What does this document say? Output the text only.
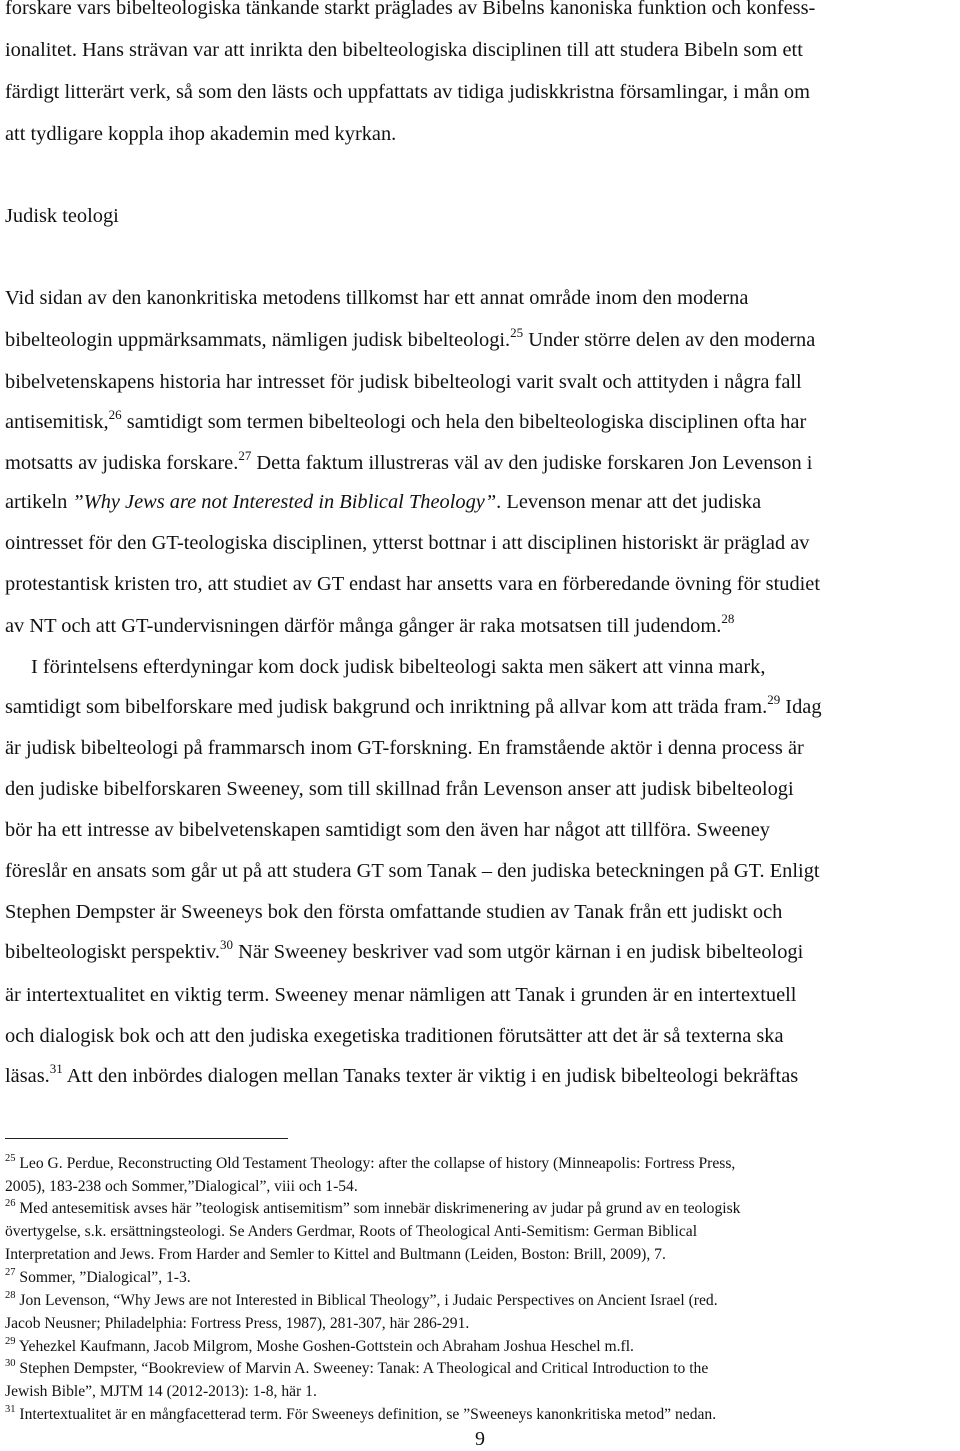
forskare vars bibelteologiska tänkande starkt präglades av Bibelns kanoniska funktion och konfess-
ionalitet. Hans strävan var att inrikta den bibelteologiska disciplinen till att studera Bibeln som ett
färdigt litterärt verk, så som den lästs och uppfattats av tidiga judiskkristna församlingar, i mån om
att tydligare koppla ihop akademin med kyrkan.
Judisk teologi
Vid sidan av den kanonkritiska metodens tillkomst har ett annat område inom den moderna
bibelteologin uppmärksammats, nämligen judisk bibelteologi.$^{25}$ Under större delen av den moderna
bibelvetenskapens historia har intresset för judisk bibelteologi varit svalt och attityden i några fall
antisemitisk,$^{26}$ samtidigt som termen bibelteologi och hela den bibelteologiska disciplinen ofta har
motsatts av judiska forskare.$^{27}$ Detta faktum illustreras väl av den judiske forskaren Jon Levenson i
artikeln ”Why Jews are not Interested in Biblical Theology”. Levenson menar att det judiska
ointresset för den GT-teologiska disciplinen, ytterst bottnar i att disciplinen historiskt är präglad av
protestantisk kristen tro, att studiet av GT endast har ansetts vara en förberedande övning för studiet
av NT och att GT-undervisningen därför många gånger är raka motsatsen till judendom.$^{28}$
I förintelsens efterdyningar kom dock judisk bibelteologi sakta men säkert att vinna mark,
samtidigt som bibelforskare med judisk bakgrund och inriktning på allvar kom att träda fram.$^{29}$ Idag
är judisk bibelteologi på frammarsch inom GT-forskning. En framstående aktör i denna process är
den judiske bibelforskaren Sweeney, som till skillnad från Levenson anser att judisk bibelteologi
bör ha ett intresse av bibelvetenskapen samtidigt som den även har något att tillföra. Sweeney
föreslår en ansats som går ut på att studera GT som Tanak – den judiska beteckningen på GT. Enligt
Stephen Dempster är Sweeneys bok den första omfattande studien av Tanak från ett judiskt och
bibelteologiskt perspektiv.$^{30}$ När Sweeney beskriver vad som utgör kärnan i en judisk bibelteologi
är intertextualitet en viktig term. Sweeney menar nämligen att Tanak i grunden är en intertextuell
och dialogisk bok och att den judiska exegetiska traditionen förutsätter att det är så texterna ska
läsas.$^{31}$ Att den inbördes dialogen mellan Tanaks texter är viktig i en judisk bibelteologi bekräftas
$^{25}$ Leo G. Perdue, Reconstructing Old Testament Theology: after the collapse of history (Minneapolis: Fortress Press,
2005), 183-238 och Sommer,”Dialogical”, viii och 1-54.
$^{26}$ Med antesemitisk avses här ”teologisk antisemitism” som innebär diskrimenering av judar på grund av en teologisk
övertygelse, s.k. ersättningsteologi. Se Anders Gerdmar, Roots of Theological Anti-Semitism: German Biblical
Interpretation and Jews. From Harder and Semler to Kittel and Bultmann (Leiden, Boston: Brill, 2009), 7.
$^{27}$ Sommer, ”Dialogical”, 1-3.
$^{28}$ Jon Levenson, “Why Jews are not Interested in Biblical Theology”, i Judaic Perspectives on Ancient Israel (red.
Jacob Neusner; Philadelphia: Fortress Press, 1987), 281-307, här 286-291.
$^{29}$ Yehezkel Kaufmann, Jacob Milgrom, Moshe Goshen-Gottstein och Abraham Joshua Heschel m.fl.
$^{30}$ Stephen Dempster, “Bookreview of Marvin A. Sweeney: Tanak: A Theological and Critical Introduction to the
Jewish Bible”, MJTM 14 (2012-2013): 1-8, här 1.
$^{31}$ Intertextualitet är en mångfacetterad term. För Sweeneys definition, se ”Sweeneys kanonkritiska metod” nedan.
9
